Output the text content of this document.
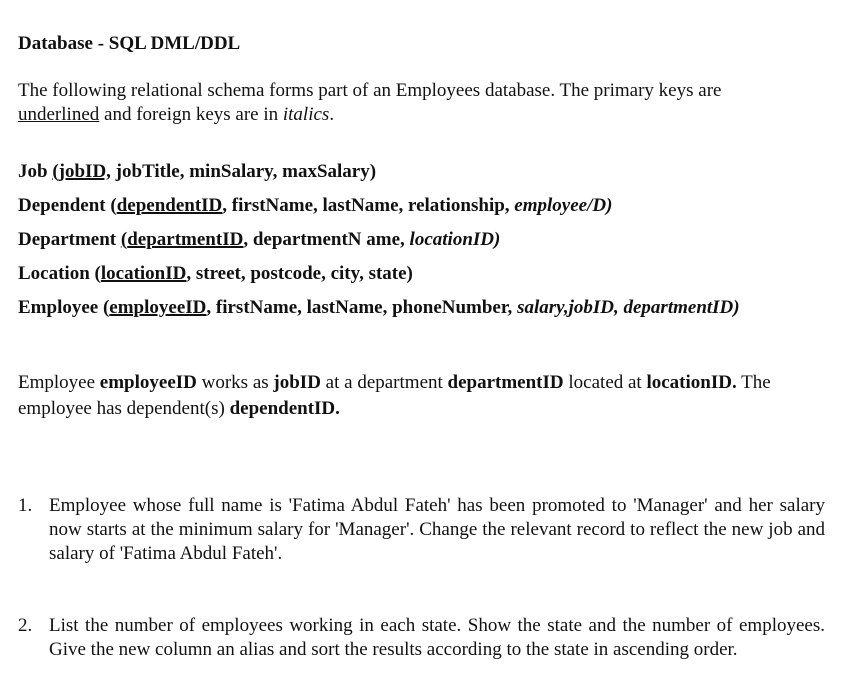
Database - SQL DML/DDL
The following relational schema forms part of an Employees database. The primary keys are underlined and foreign keys are in italics.
Job (jobID, jobTitle, minSalary, maxSalary)
Dependent (dependentID, firstName, lastName, relationship, employee/D)
Department (departmentID, departmentN ame, locationID)
Location (locationID, street, postcode, city, state)
Employee (employeeID, firstName, lastName, phoneNumber, salary,jobID, departmentID)
Employee employeeID works as jobID at a department departmentID located at locationID. The employee has dependent(s) dependentID.
1. Employee whose full name is 'Fatima Abdul Fateh' has been promoted to 'Manager' and her salary now starts at the minimum salary for 'Manager'. Change the relevant record to reflect the new job and salary of 'Fatima Abdul Fateh'.
2. List the number of employees working in each state. Show the state and the number of employees. Give the new column an alias and sort the results according to the state in ascending order.
